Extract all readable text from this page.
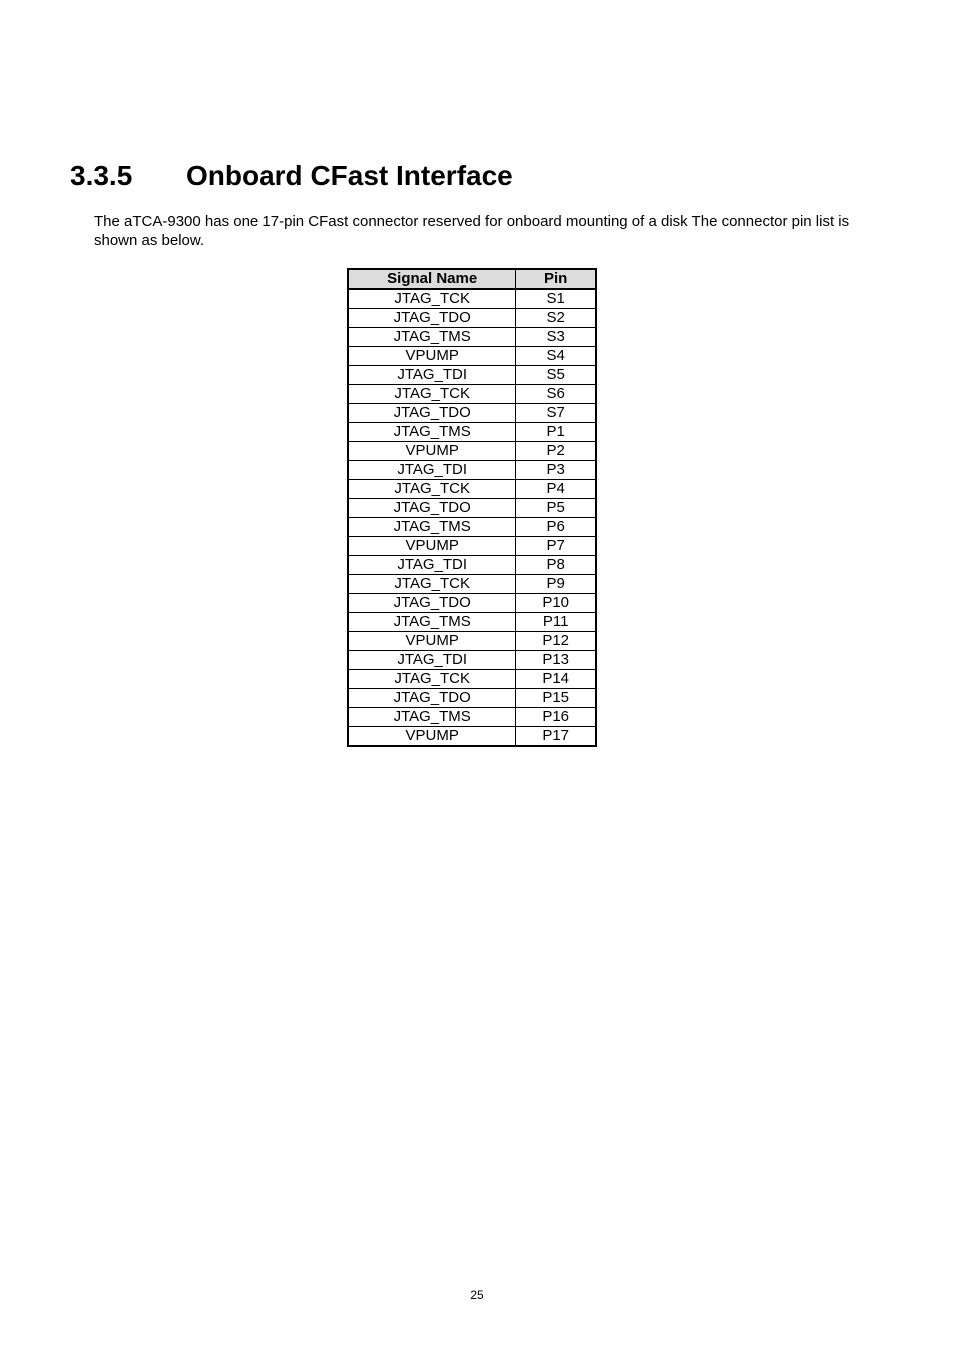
3.3.5 Onboard CFast Interface
The aTCA-9300 has one 17-pin CFast connector reserved for onboard mounting of a disk The connector pin list is shown as below.
Signal Name	Pin
JTAG_TCK	S1
JTAG_TDO	S2
JTAG_TMS	S3
VPUMP	S4
JTAG_TDI	S5
JTAG_TCK	S6
JTAG_TDO	S7
JTAG_TMS	P1
VPUMP	P2
JTAG_TDI	P3
JTAG_TCK	P4
JTAG_TDO	P5
JTAG_TMS	P6
VPUMP	P7
JTAG_TDI	P8
JTAG_TCK	P9
JTAG_TDO	P10
JTAG_TMS	P11
VPUMP	P12
JTAG_TDI	P13
JTAG_TCK	P14
JTAG_TDO	P15
JTAG_TMS	P16
VPUMP	P17
25
